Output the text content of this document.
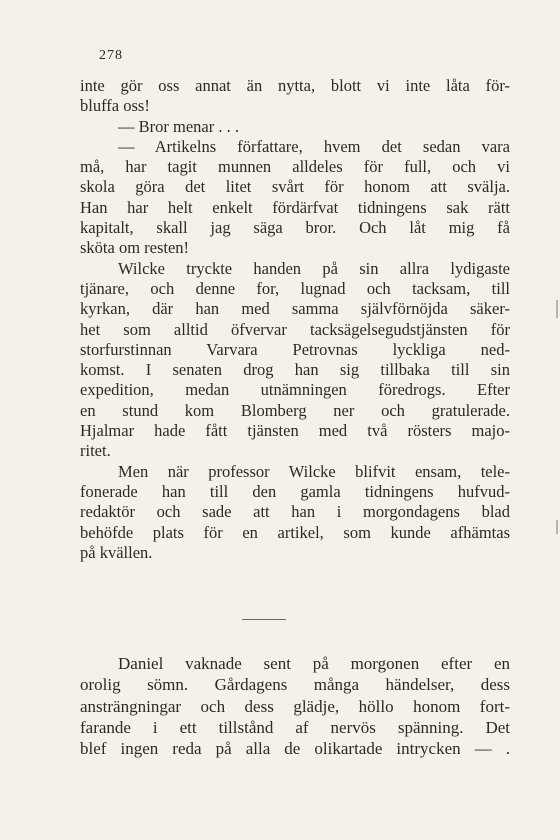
278
inte gör oss annat än nytta, blott vi inte låta för-
bluffa oss!
— Bror menar . . .
— Artikelns författare, hvem det sedan vara
må, har tagit munnen alldeles för full, och vi
skola göra det litet svårt för honom att svälja.
Han har helt enkelt fördärfvat tidningens sak rätt
kapitalt, skall jag säga bror. Och låt mig få
sköta om resten!
Wilcke tryckte handen på sin allra lydigaste
tjänare, och denne for, lugnad och tacksam, till
kyrkan, där han med samma självförnöjda säker-
het som alltid öfvervar tacksägelsegudstjänsten för
storfurstinnan Varvara Petrovnas lyckliga ned-
komst. I senaten drog han sig tillbaka till sin
expedition, medan utnämningen föredrogs. Efter
en stund kom Blomberg ner och gratulerade.
Hjalmar hade fått tjänsten med två rösters majo-
ritet.
Men när professor Wilcke blifvit ensam, tele-
fonerade han till den gamla tidningens hufvud-
redaktör och sade att han i morgondagens blad
behöfde plats för en artikel, som kunde afhämtas
på kvällen.
Daniel vaknade sent på morgonen efter en
orolig sömn. Gårdagens många händelser, dess
ansträngningar och dess glädje, höllo honom fort-
farande i ett tillstånd af nervös spänning. Det
blef ingen reda på alla de olikartade intrycken — .
